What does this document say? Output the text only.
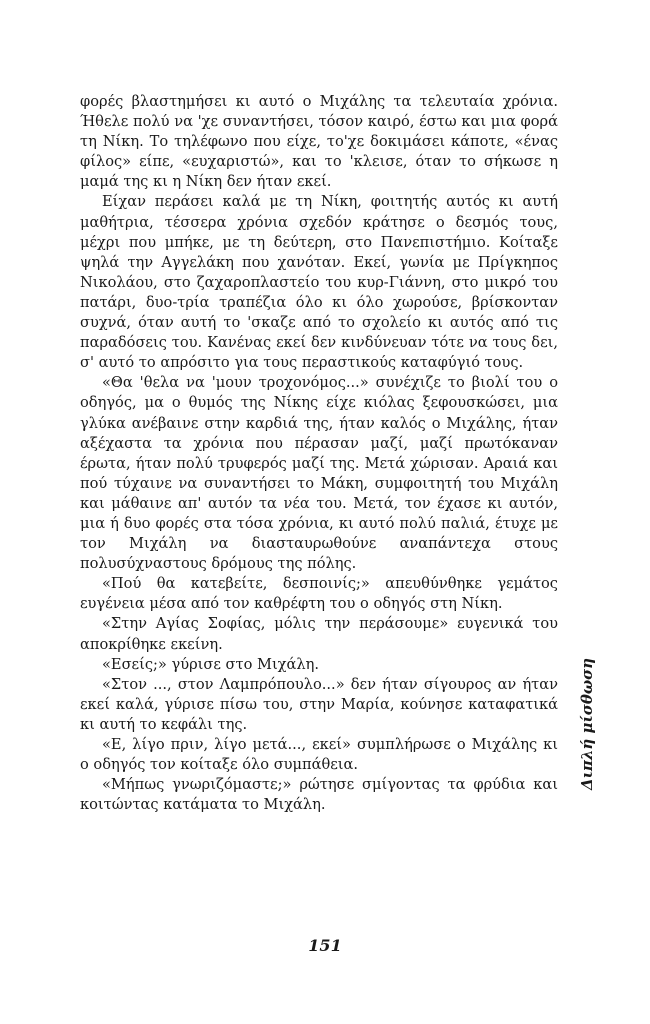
φορές βλαστημήσει κι αυτό ο Μιχάλης τα τελευταία χρόνια. Ήθελε πολύ να 'χε συναντήσει, τόσον καιρό, έστω και μια φορά τη Νίκη. Το τηλέφωνο που είχε, το'χε δοκιμάσει κάποτε, «ένας φίλος» είπε, «ευχαριστώ», και το 'κλεισε, όταν το σήκωσε η μαμά της κι η Νίκη δεν ήταν εκεί.

Είχαν περάσει καλά με τη Νίκη, φοιτητής αυτός κι αυτή μαθήτρια, τέσσερα χρόνια σχεδόν κράτησε ο δεσμός τους, μέχρι που μπήκε, με τη δεύτερη, στο Πανεπιστήμιο. Κοίταξε ψηλά την Αγγελάκη που χανόταν. Εκεί, γωνία με Πρίγκηπος Νικολάου, στο ζαχαροπλαστείο του κυρ-Γιάννη, στο μικρό του πατάρι, δυο-τρία τραπέζια όλο κι όλο χωρούσε, βρίσκονταν συχνά, όταν αυτή το 'σκαζε από το σχολείο κι αυτός από τις παραδόσεις του. Κανένας εκεί δεν κινδύνευαν τότε να τους δει, σ' αυτό το απρόσιτο για τους περαστικούς καταφύγιό τους.

«Θα 'θελα να 'μουν τροχονόμος...» συνέχιζε το βιολί του ο οδηγός, μα ο θυμός της Νίκης είχε κιόλας ξεφουσκώσει, μια γλύκα ανέβαινε στην καρδιά της, ήταν καλός ο Μιχάλης, ήταν αξέχαστα τα χρόνια που πέρασαν μαζί, μαζί πρωτόκαναν έρωτα, ήταν πολύ τρυφερός μαζί της. Μετά χώρισαν. Αραιά και πού τύχαινε να συναντήσει το Μάκη, συμφοιτητή του Μιχάλη και μάθαινε απ' αυτόν τα νέα του. Μετά, τον έχασε κι αυτόν, μια ή δυο φορές στα τόσα χρόνια, κι αυτό πολύ παλιά, έτυχε με τον Μιχάλη να διασταυρωθούνε αναπάντεχα στους πολυσύχναστους δρόμους της πόλης.

«Πού θα κατεβείτε, δεσποινίς;» απευθύνθηκε γεμάτος ευγένεια μέσα από τον καθρέφτη του ο οδηγός στη Νίκη.

«Στην Αγίας Σοφίας, μόλις την περάσουμε» ευγενικά του αποκρίθηκε εκείνη.

«Εσείς;» γύρισε στο Μιχάλη.

«Στον ..., στον Λαμπρόπουλο...» δεν ήταν σίγουρος αν ήταν εκεί καλά, γύρισε πίσω του, στην Μαρία, κούνησε καταφατικά κι αυτή το κεφάλι της.

«Ε, λίγο πριν, λίγο μετά..., εκεί» συμπλήρωσε ο Μιχάλης κι ο οδηγός τον κοίταξε όλο συμπάθεια.

«Μήπως γνωριζόμαστε;» ρώτησε σμίγοντας τα φρύδια και κοιτώντας κατάματα το Μιχάλη.

Διπλή μίσθωση
151
